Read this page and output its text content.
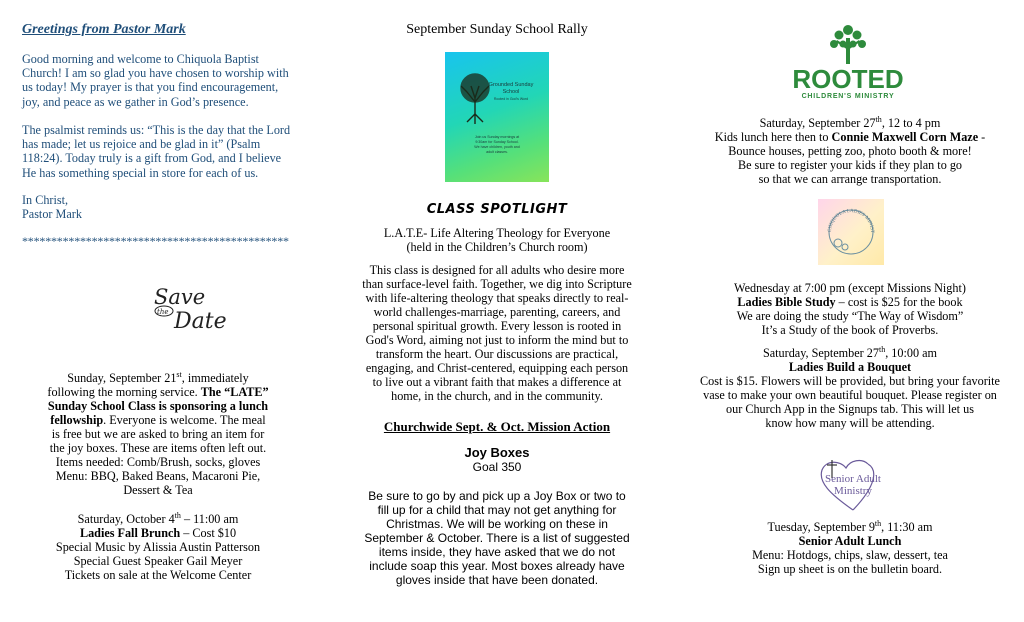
Greetings from Pastor Mark
Good morning and welcome to Chiquola Baptist
Church! I am so glad you have chosen to worship with
us today! My prayer is that you find encouragement,
joy, and peace as we gather in God’s presence.
The psalmist reminds us: “This is the day that the Lord
has made; let us rejoice and be glad in it” (Psalm
118:24). Today truly is a gift from God, and I believe
He has something special in store for each of us.
In Christ,
Pastor Mark
**********************************************
Save
the Date
Sunday, September 21st, immediately
following the morning service. The “LATE”
Sunday School Class is sponsoring a lunch
fellowship. Everyone is welcome. The meal
is free but we are asked to bring an item for
the joy boxes. These are items often left out.
Items needed: Comb/Brush, socks, gloves
Menu: BBQ, Baked Beans, Macaroni Pie,
Dessert & Tea
Saturday, October 4th – 11:00 am
Ladies Fall Brunch – Cost $10
Special Music by Alissia Austin Patterson
Special Guest Speaker Gail Meyer
Tickets on sale at the Welcome Center
September Sunday School Rally
Grounded Sunday
School
Rooted in God's Word
Join us Sunday mornings at
9:30am for Sunday School.
We have children, youth and
adult classes.
CLASS SPOTLIGHT
L.A.T.E- Life Altering Theology for Everyone
(held in the Children’s Church room)
This class is designed for all adults who desire more
than surface-level faith. Together, we dig into Scripture
with life-altering theology that speaks directly to real-
world challenges-marriage, parenting, careers, and
personal spiritual growth. Every lesson is rooted in
God's Word, aiming not just to inform the mind but to
transform the heart. Our discussions are practical,
engaging, and Christ-centered, equipping each person
to live out a vibrant faith that makes a difference at
home, in the church, and in the community.
Churchwide Sept. & Oct. Mission Action
Joy Boxes
Goal 350
Be sure to go by and pick up a Joy Box or two to
fill up for a child that may not get anything for
Christmas. We will be working on these in
September & October. There is a list of suggested
items inside, they have asked that we do not
include soap this year. Most boxes already have
gloves inside that have been donated.
ROOTED
CHILDREN'S MINISTRY
Saturday, September 27th, 12 to 4 pm
Kids lunch here then to Connie Maxwell Corn Maze -
Bounce houses, petting zoo, photo booth & more!
Be sure to register your kids if they plan to go
so that we can arrange transportation.
CHIQUOLA LADIES MINIST
Wednesday at 7:00 pm (except Missions Night)
Ladies Bible Study – cost is $25 for the book
We are doing the study “The Way of Wisdom”
It’s a Study of the book of Proverbs.
Saturday, September 27th, 10:00 am
Ladies Build a Bouquet
Cost is $15. Flowers will be provided, but bring your favorite
vase to make your own beautiful bouquet. Please register on
our Church App in the Signups tab. This will let us
know how many will be attending.
Senior Adult
Ministry
Tuesday, September 9th, 11:30 am
Senior Adult Lunch
Menu: Hotdogs, chips, slaw, dessert, tea
Sign up sheet is on the bulletin board.
